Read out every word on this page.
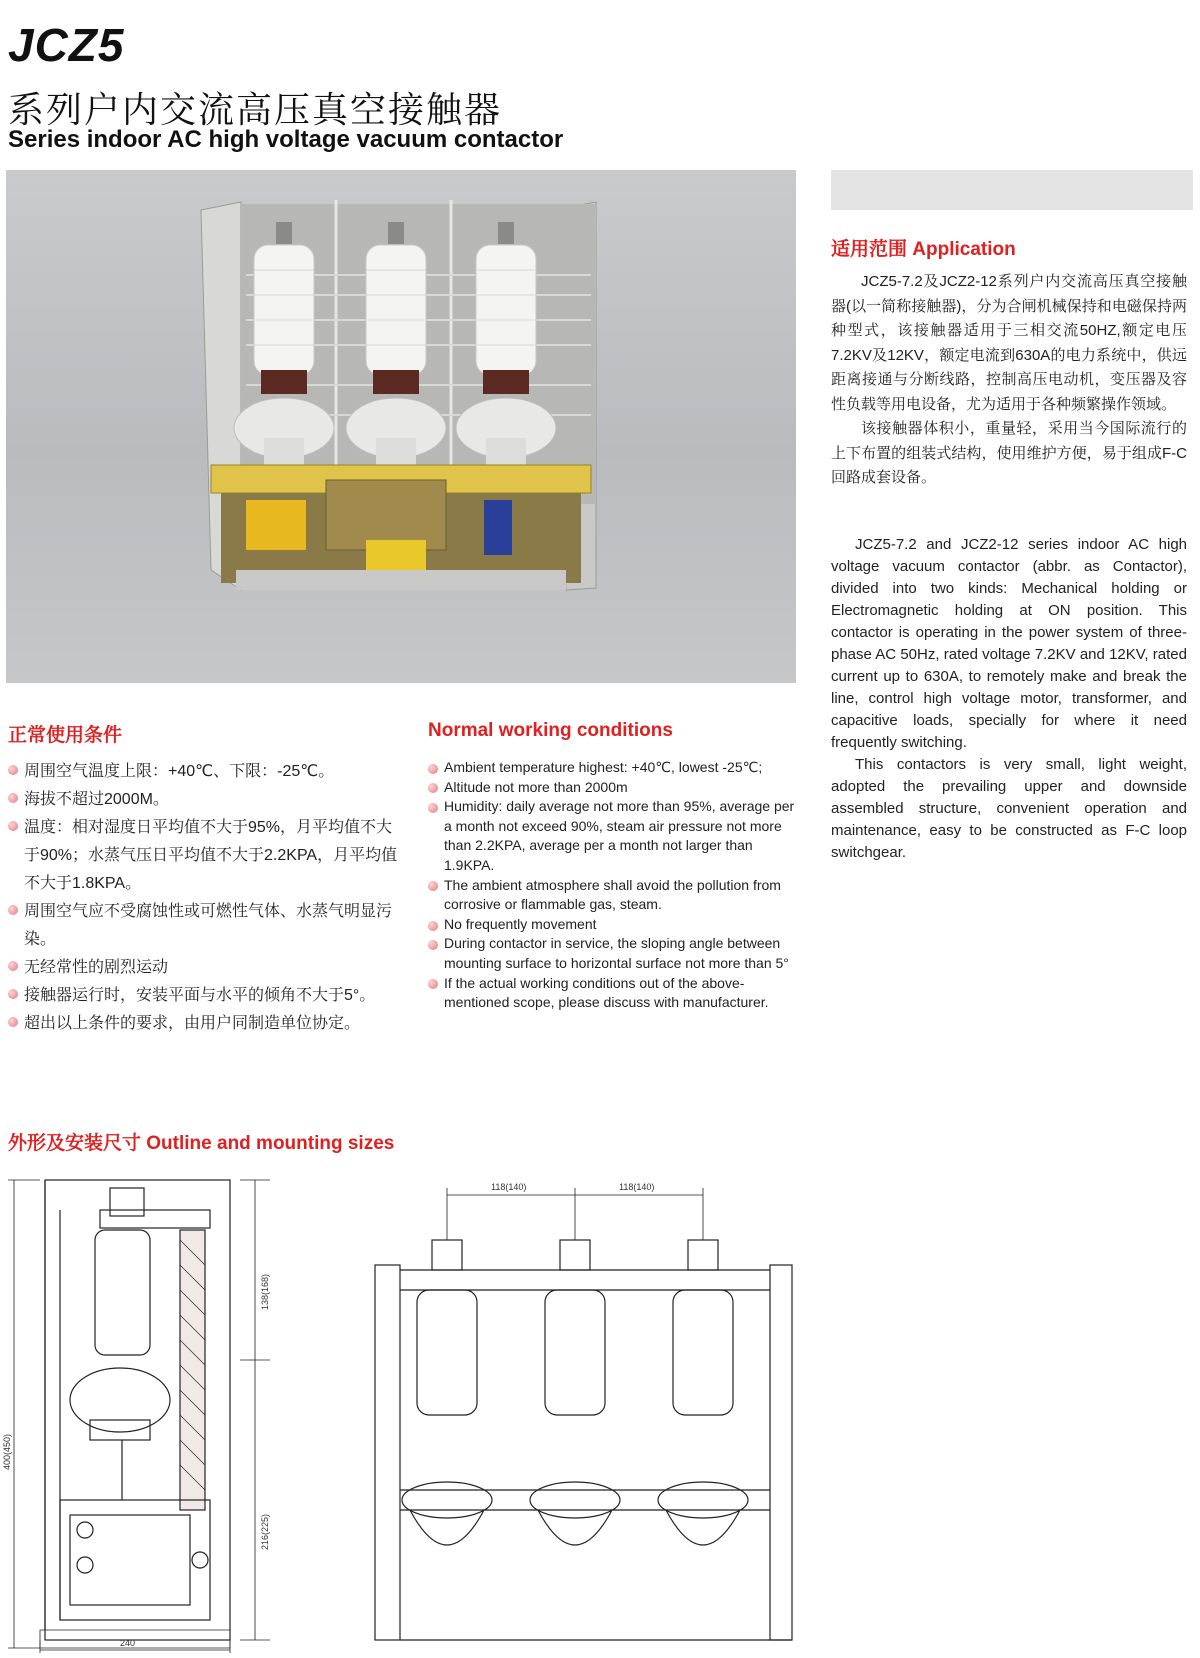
JCZ5
系列户内交流高压真空接触器
Series indoor AC high voltage vacuum contactor
适用范围 Application

JCZ5-7.2及JCZ2-12系列户内交流高压真空接触器(以一简称接触器)，分为合闸机械保持和电磁保持两种型式，该接触器适用于三相交流50HZ,额定电压7.2KV及12KV，额定电流到630A的电力系统中，供远距离接通与分断线路，控制高压电动机，变压器及容性负载等用电设备，尤为适用于各种频繁操作领域。

该接触器体积小，重量轻，采用当今国际流行的上下布置的组装式结构，使用维护方便，易于组成F-C回路成套设备。

JCZ5-7.2 and JCZ2-12 series indoor AC high voltage vacuum contactor (abbr. as Contactor), divided into two kinds: Mechanical holding or Electromagnetic holding at ON position. This contactor is operating in the power system of three-phase AC 50Hz, rated voltage 7.2KV and 12KV, rated current up to 630A, to remotely make and break the line, control high voltage motor, transformer, and capacitive loads, specially for where it need frequently switching.

This contactors is very small, light weight, adopted the prevailing upper and downside assembled structure, convenient operation and maintenance, easy to be constructed as F-C loop switchgear.

正常使用条件
周围空气温度上限：+40℃、下限：-25℃。
海拔不超过2000M。
温度：相对湿度日平均值不大于95%，月平均值不大于90%；水蒸气压日平均值不大于2.2KPA，月平均值不大于1.8KPA。
周围空气应不受腐蚀性或可燃性气体、水蒸气明显污染。
无经常性的剧烈运动
接触器运行时，安装平面与水平的倾角不大于5°。
超出以上条件的要求，由用户同制造单位协定。
Normal working conditions
Ambient temperature highest: +40℃, lowest -25℃;
Altitude not more than 2000m
Humidity: daily average not more than 95%, average per a month not exceed 90%, steam air pressure not more than 2.2KPA, average per a month not larger than 1.9KPA.
The ambient atmosphere shall avoid the pollution from corrosive or flammable gas, steam.
No frequently movement
During contactor in service, the sloping angle between mounting surface to horizontal surface not more than 5°
If the actual working conditions out of the above-mentioned scope, please discuss with manufacturer.
外形及安装尺寸 Outline and mounting sizes
400(450)
138(168)
216(225)
240
118(140)	118(140)
